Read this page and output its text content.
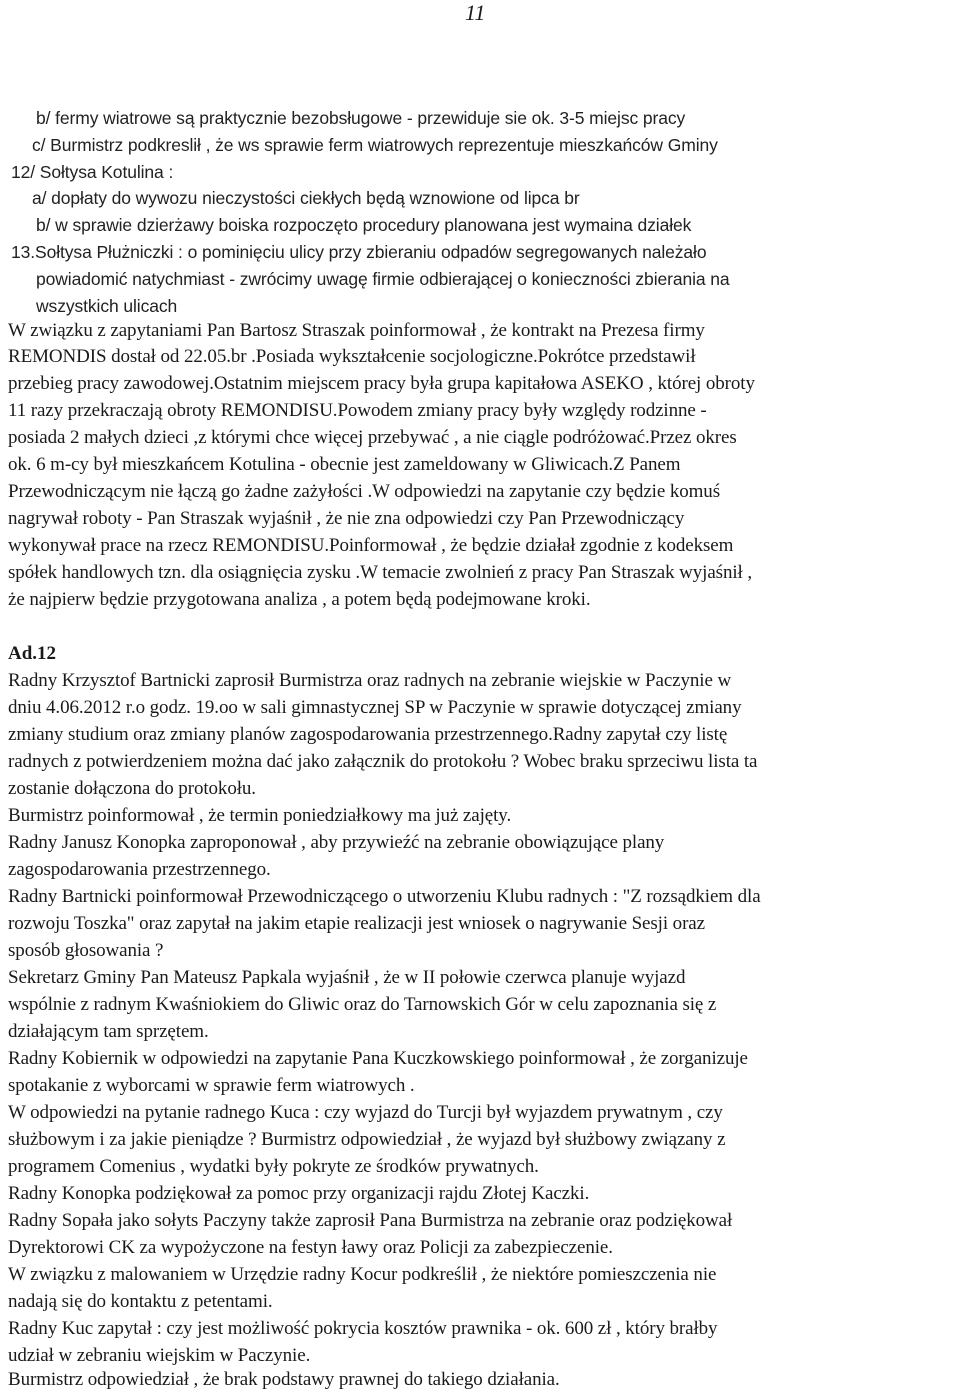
11

b/ fermy wiatrowe są praktycznie bezobsługowe - przewiduje sie ok. 3-5 miejsc pracy

c/ Burmistrz podkreslił , że ws sprawie ferm wiatrowych reprezentuje mieszkańców Gminy

12/ Sołtysa Kotulina :

a/ dopłaty do wywozu nieczystości ciekłych będą wznowione od lipca br

b/ w sprawie dzierżawy boiska rozpoczęto procedury planowana jest wymaina działek

13.Sołtysa Płużniczki : o pominięciu ulicy przy zbieraniu odpadów segregowanych należało

powiadomić natychmiast - zwrócimy uwagę firmie odbierającej o konieczności zbierania na

wszystkich ulicach

W związku z zapytaniami Pan Bartosz Straszak poinformował , że kontrakt na Prezesa firmy

REMONDIS dostał od 22.05.br .Posiada wykształcenie socjologiczne.Pokrótce przedstawił

przebieg pracy zawodowej.Ostatnim miejscem pracy była grupa kapitałowa ASEKO , której obroty

11 razy przekraczają obroty REMONDISU.Powodem zmiany pracy były względy rodzinne -

posiada 2 małych dzieci ,z którymi chce więcej przebywać , a nie ciągle podróżować.Przez okres

ok. 6 m-cy był mieszkańcem Kotulina - obecnie jest zameldowany w Gliwicach.Z Panem

Przewodniczącym nie łączą go żadne zażyłości .W odpowiedzi na zapytanie czy będzie komuś

nagrywał roboty - Pan Straszak wyjaśnił , że nie zna odpowiedzi czy Pan Przewodniczący

wykonywał prace na rzecz REMONDISU.Poinformował , że będzie działał zgodnie z kodeksem

spółek handlowych tzn. dla osiągnięcia zysku .W temacie zwolnień z pracy Pan Straszak wyjaśnił ,

że najpierw będzie przygotowana analiza , a potem będą podejmowane kroki.

Ad.12

Radny Krzysztof Bartnicki zaprosił Burmistrza oraz radnych na zebranie wiejskie w Paczynie w

dniu 4.06.2012 r.o godz. 19.oo w sali gimnastycznej SP w Paczynie w sprawie dotyczącej zmiany

zmiany studium oraz zmiany planów zagospodarowania przestrzennego.Radny zapytał czy listę

radnych z potwierdzeniem można dać jako załącznik do protokołu ? Wobec braku sprzeciwu lista ta

zostanie dołączona do protokołu.

Burmistrz poinformował , że termin poniedziałkowy ma już zajęty.

Radny Janusz Konopka zaproponował , aby przywieźć na zebranie obowiązujące plany

zagospodarowania przestrzennego.

Radny Bartnicki poinformował Przewodniczącego o utworzeniu Klubu radnych : "Z rozsądkiem dla

rozwoju Toszka" oraz zapytał na jakim etapie realizacji jest wniosek o nagrywanie Sesji oraz

sposób głosowania ?

Sekretarz Gminy Pan Mateusz Papkala wyjaśnił , że w II połowie czerwca planuje wyjazd

wspólnie z radnym Kwaśniokiem do Gliwic oraz do Tarnowskich Gór w celu zapoznania się z

działającym tam sprzętem.

Radny Kobiernik w odpowiedzi na zapytanie Pana Kuczkowskiego poinformował , że zorganizuje

spotakanie z wyborcami w sprawie ferm wiatrowych .

W odpowiedzi na pytanie radnego Kuca : czy wyjazd do Turcji był wyjazdem prywatnym , czy

służbowym i za jakie pieniądze ? Burmistrz odpowiedział , że wyjazd był służbowy związany z

programem Comenius , wydatki były pokryte ze środków prywatnych.

Radny Konopka podziękował za pomoc przy organizacji rajdu Złotej Kaczki.

Radny Sopała jako sołyts Paczyny także zaprosił Pana Burmistrza na zebranie oraz podziękował

Dyrektorowi CK za wypożyczone na festyn ławy oraz Policji za zabezpieczenie.

W związku z malowaniem w Urzędzie radny Kocur podkreślił , że niektóre pomieszczenia nie

nadają się do kontaktu z petentami.

Radny Kuc zapytał : czy jest możliwość pokrycia kosztów prawnika - ok. 600 zł , który brałby

udział w zebraniu wiejskim w Paczynie.

Burmistrz odpowiedział , że brak podstawy prawnej do takiego działania.
